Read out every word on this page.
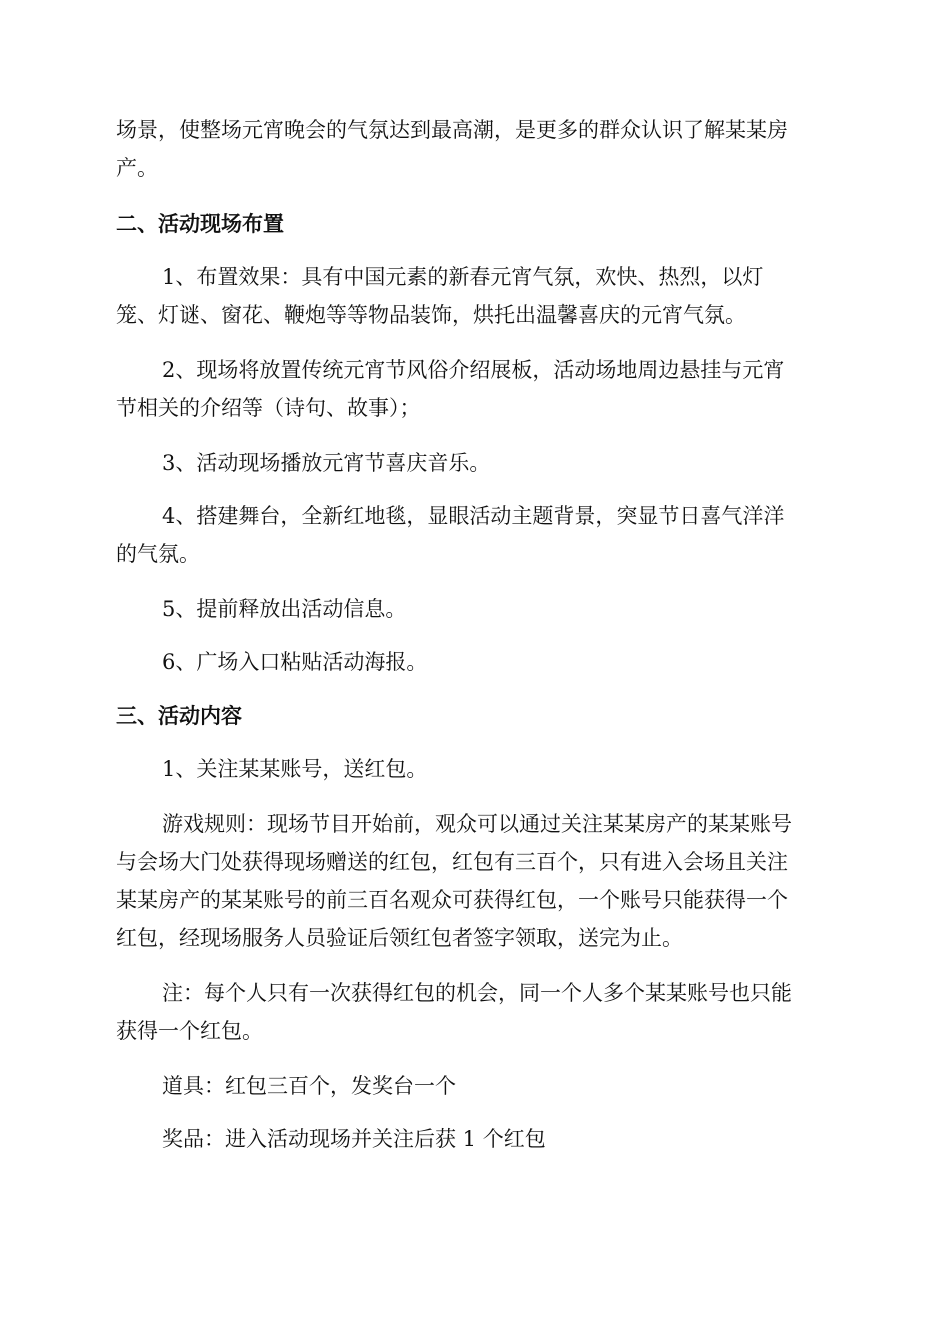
场景，使整场元宵晚会的气氛达到最高潮，是更多的群众认识了解某某房
产。
二、活动现场布置
1、布置效果：具有中国元素的新春元宵气氛，欢快、热烈，以灯
笼、灯谜、窗花、鞭炮等等物品装饰，烘托出温馨喜庆的元宵气氛。
2、现场将放置传统元宵节风俗介绍展板，活动场地周边悬挂与元宵
节相关的介绍等（诗句、故事）；
3、活动现场播放元宵节喜庆音乐。
4、搭建舞台，全新红地毯，显眼活动主题背景，突显节日喜气洋洋
的气氛。
5、提前释放出活动信息。
6、广场入口粘贴活动海报。
三、活动内容
1、关注某某账号，送红包。
游戏规则：现场节目开始前，观众可以通过关注某某房产的某某账号
与会场大门处获得现场赠送的红包，红包有三百个，只有进入会场且关注
某某房产的某某账号的前三百名观众可获得红包，一个账号只能获得一个
红包，经现场服务人员验证后领红包者签字领取，送完为止。
注：每个人只有一次获得红包的机会，同一个人多个某某账号也只能
获得一个红包。
道具：红包三百个，发奖台一个
奖品：进入活动现场并关注后获 1 个红包
